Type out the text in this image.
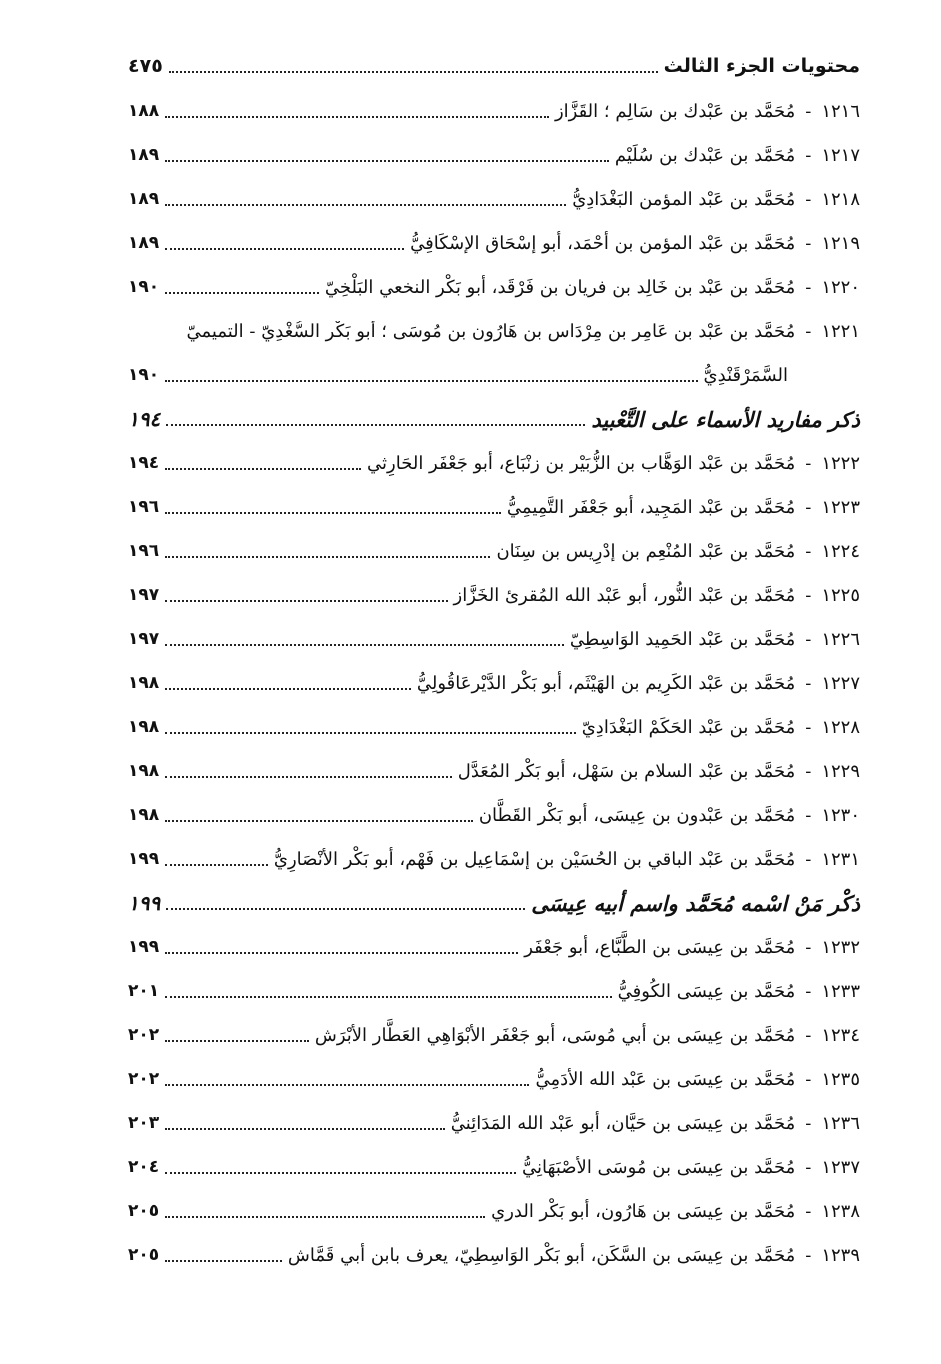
محتويات الجزء الثالث
٤٧٥
١٢١٦
-
مُحَمَّد بن عَبْدك بن سَالِم ؛ القَزَّاز
١٨٨
١٢١٧
-
مُحَمَّد بن عَبْدك بن سُلَيْم
١٨٩
١٢١٨
-
مُحَمَّد بن عَبْد المؤمن البَغْدَادِيُّ
١٨٩
١٢١٩
-
مُحَمَّد بن عَبْد المؤمن بن أحْمَد، أبو إسْحَاق الإسْكَافِيُّ
١٨٩
١٢٢٠
-
مُحَمَّد بن عَبْد بن خَالِد بن فريان بن فَرْقَد، أبو بَكْر النخعي البَلْخِيّ
١٩٠
١٢٢١
-
مُحَمَّد بن عَبْد بن عَامِر بن مِرْدَاس بن هَارُون بن مُوسَى ؛ أبو بَكْر السُّغْدِيّ - التميميّ
السَّمَرْقَنْدِيُّ
١٩٠
ذكر مفاريد الأسماء على التَّعْبيد
١٩٤
١٢٢٢
-
مُحَمَّد بن عَبْد الوَهَّاب بن الزُّبَيْر بن زنْبَاع، أبو جَعْفَر الحَارِثي
١٩٤
١٢٢٣
-
مُحَمَّد بن عَبْد المَجِيد، أبو جَعْفَر التَّمِيمِيُّ
١٩٦
١٢٢٤
-
مُحَمَّد بن عَبْد المُنْعِم بن إدْرِيس بن سِنَان
١٩٦
١٢٢٥
-
مُحَمَّد بن عَبْد النُّور، أبو عَبْد الله المُقرئ الخَزَّاز
١٩٧
١٢٢٦
-
مُحَمَّد بن عَبْد الحَمِيد الوَاسِطِيّ
١٩٧
١٢٢٧
-
مُحَمَّد بن عَبْد الكَرِيم بن الهَيْثَم، أبو بَكْر الدَّيْرعَاقُولِيُّ
١٩٨
١٢٢٨
-
مُحَمَّد بن عَبْد الحَكَمْ البَغْدَادِيّ
١٩٨
١٢٢٩
-
مُحَمَّد بن عَبْد السلام بن سَهْل، أبو بَكْر المُعَدَّل
١٩٨
١٢٣٠
-
مُحَمَّد بن عَبْدون بن عِيسَى، أبو بَكْر القَطَّان
١٩٨
١٢٣١
-
مُحَمَّد بن عَبْد الباقي بن الحُسَيْن بن إسْمَاعِيل بن فَهْم، أبو بَكْر الأنْصَارِيُّ
١٩٩
ذكْر مَنْ اسْمه مُحَمَّد واسم أبيه عِيسَى
١٩٩
١٢٣٢
-
مُحَمَّد بن عِيسَى بن الطَّبَّاع، أبو جَعْفَر
١٩٩
١٢٣٣
-
مُحَمَّد بن عِيسَى الكُوفِيُّ
٢٠١
١٢٣٤
-
مُحَمَّد بن عِيسَى بن أبي مُوسَى، أبو جَعْفَر الأبْوَاهِي العَطَّار الأبْرَش
٢٠٢
١٢٣٥
-
مُحَمَّد بن عِيسَى بن عَبْد الله الأدَمِيُّ
٢٠٢
١٢٣٦
-
مُحَمَّد بن عِيسَى بن حَيَّان، أبو عَبْد الله المَدَائِنيُّ
٢٠٣
١٢٣٧
-
مُحَمَّد بن عِيسَى بن مُوسَى الأصْبَهَانِيُّ
٢٠٤
١٢٣٨
-
مُحَمَّد بن عِيسَى بن هَارُون، أبو بَكْر الدري
٢٠٥
١٢٣٩
-
مُحَمَّد بن عِيسَى بن السَّكَن، أبو بَكْر الوَاسِطِيّ، يعرف بابن أبي قَمَّاش
٢٠٥
